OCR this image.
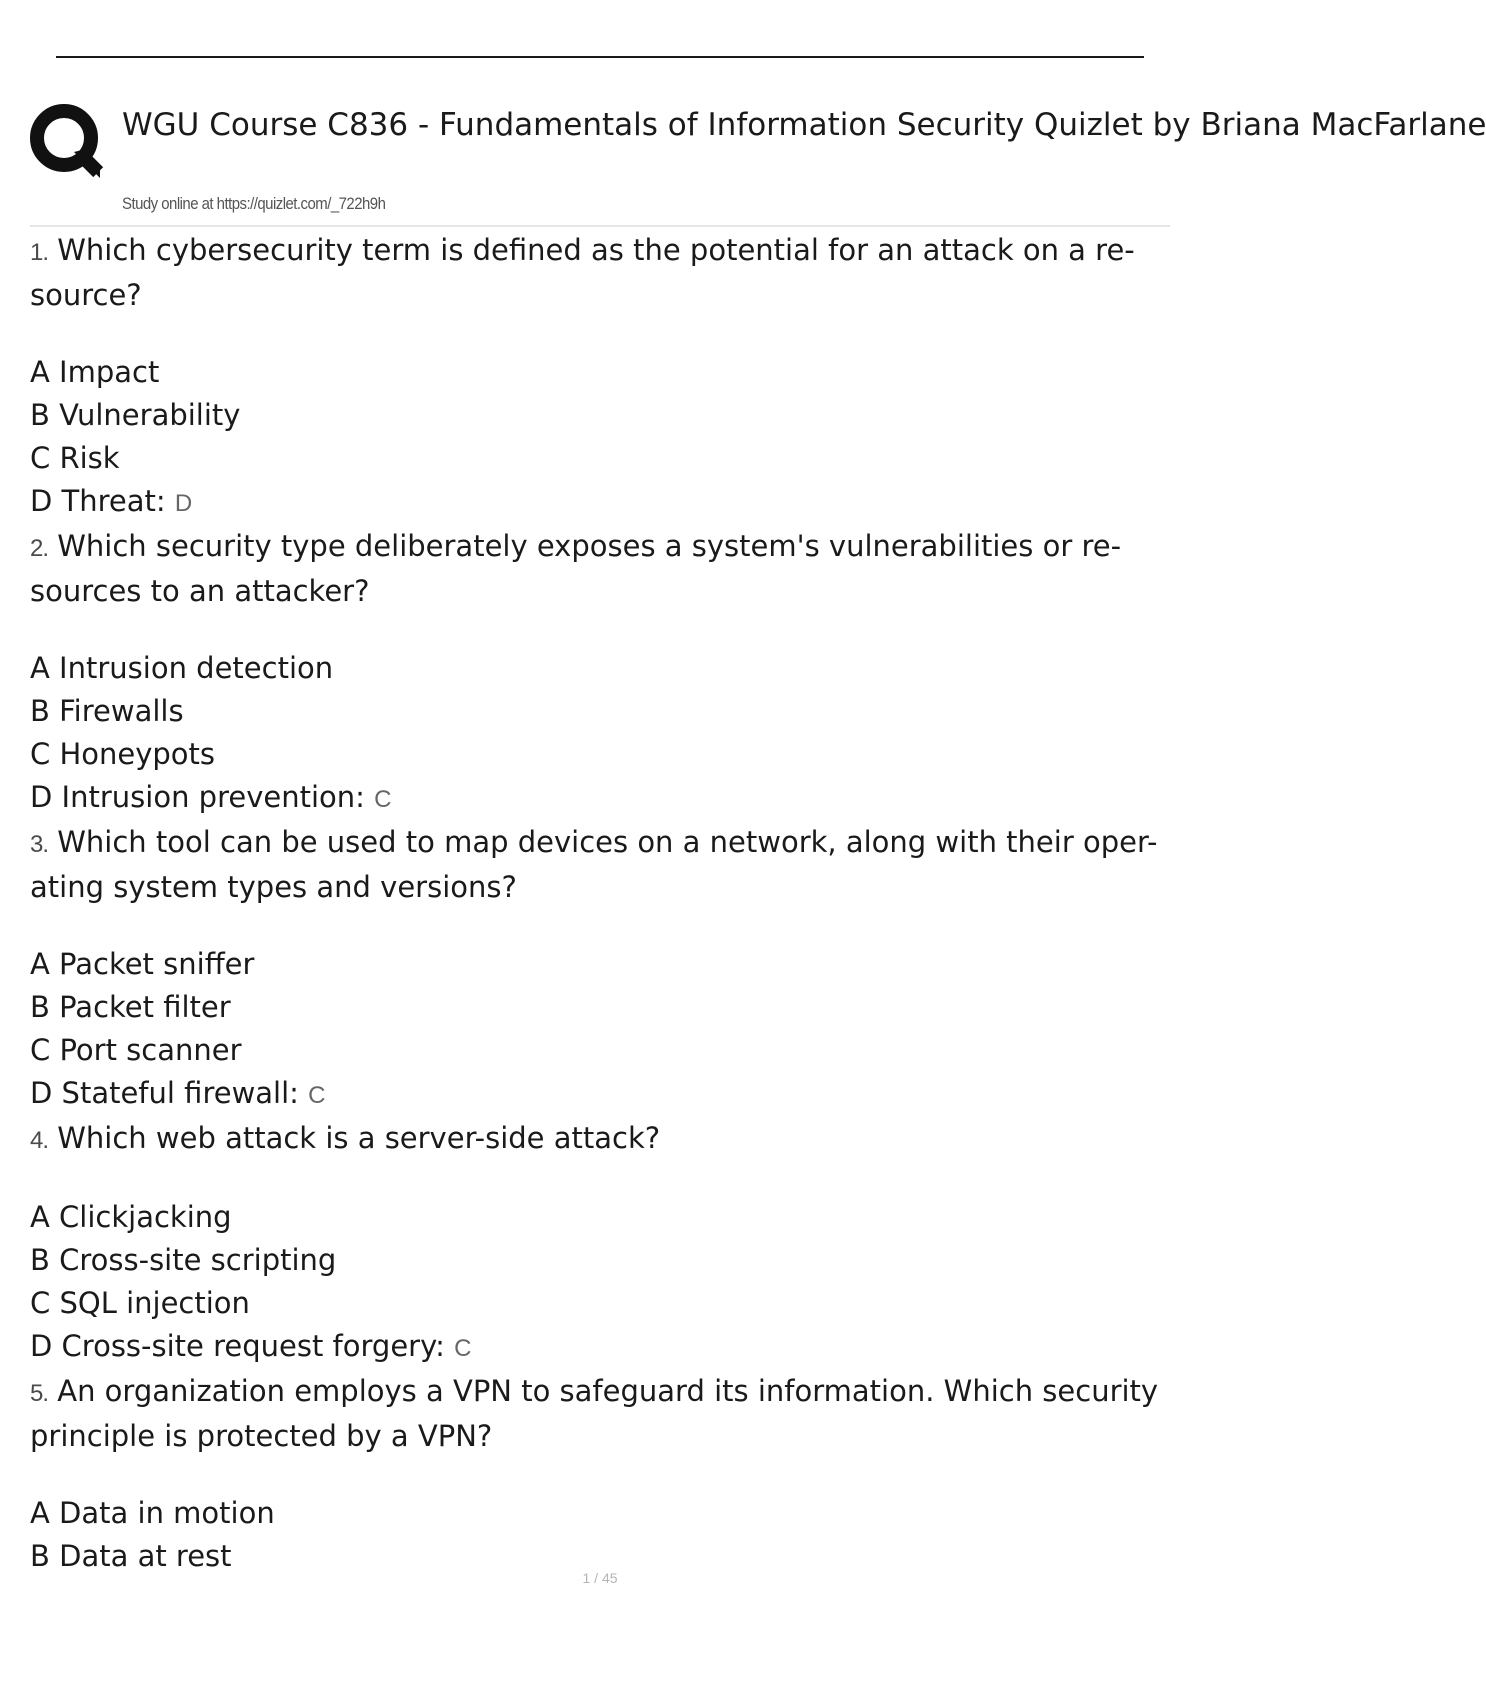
WGU Course C836 - Fundamentals of Information Security Quizlet by Briana MacFarlane
Study online at https://quizlet.com/_722h9h
1. Which cybersecurity term is defined as the potential for an attack on a re- source?
A Impact
B Vulnerability
C Risk
D Threat: D
2. Which security type deliberately exposes a system's vulnerabilities or re- sources to an attacker?
A Intrusion detection
B Firewalls
C Honeypots
D Intrusion prevention: C
3. Which tool can be used to map devices on a network, along with their oper- ating system types and versions?
A Packet sniffer
B Packet filter
C Port scanner
D Stateful firewall: C
4. Which web attack is a server-side attack?
A Clickjacking
B Cross-site scripting
C SQL injection
D Cross-site request forgery: C
5. An organization employs a VPN to safeguard its information. Which security principle is protected by a VPN?
A Data in motion
B Data at rest
1 / 45
